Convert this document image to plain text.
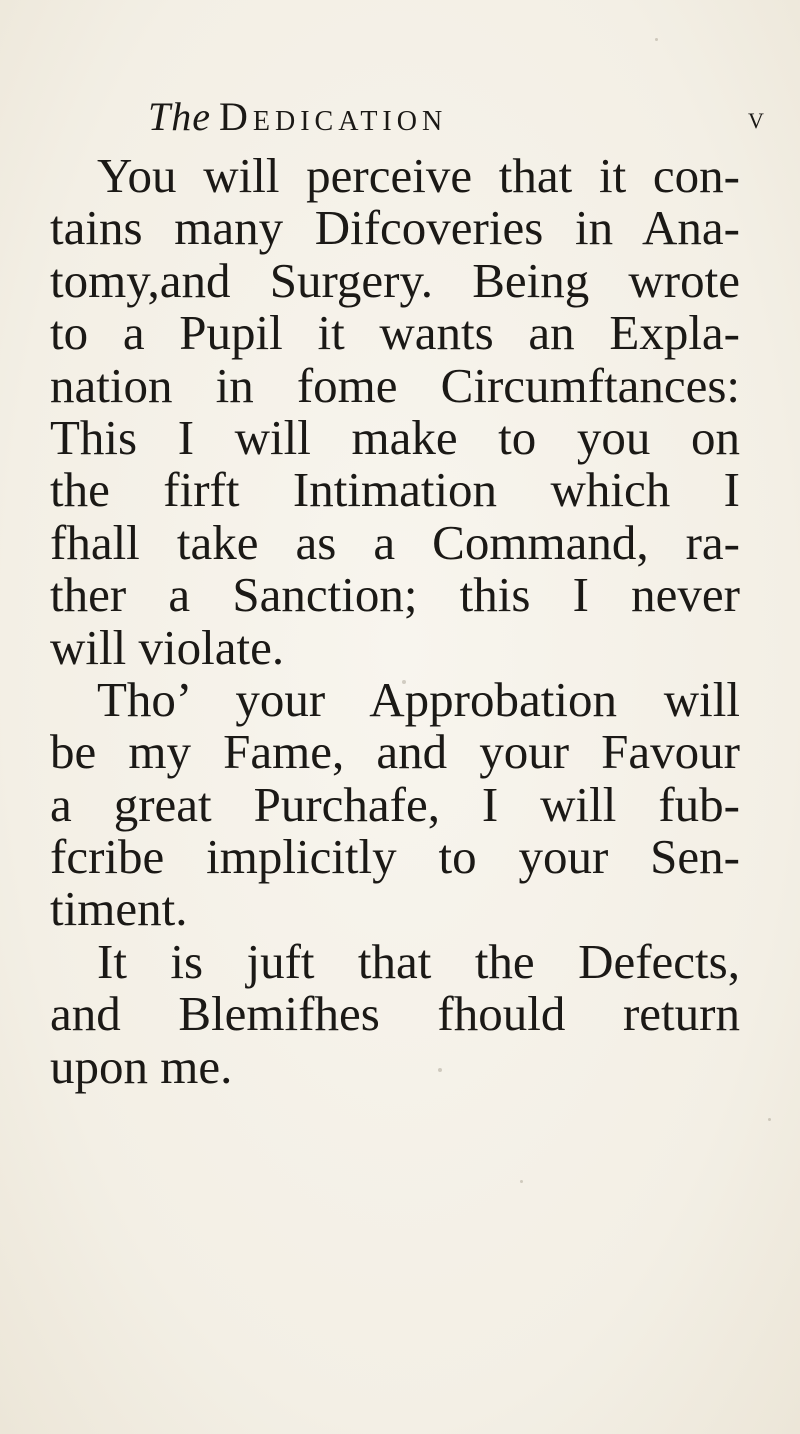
The Dedication	v
You will perceive that it con-
tains many Difcoveries in Ana-
tomy,and Surgery. Being wrote
to a Pupil it wants an Expla-
nation in fome Circumftances:
This I will make to you on
the firft Intimation which I
fhall take as a Command, ra-
ther a Sanction; this I never
will violate.
Tho’ your Approbation will
be my Fame, and your Favour
a great Purchafe, I will fub-
fcribe implicitly to your Sen-
timent.
It is juft that the Defects,
and Blemifhes fhould return
upon me.
